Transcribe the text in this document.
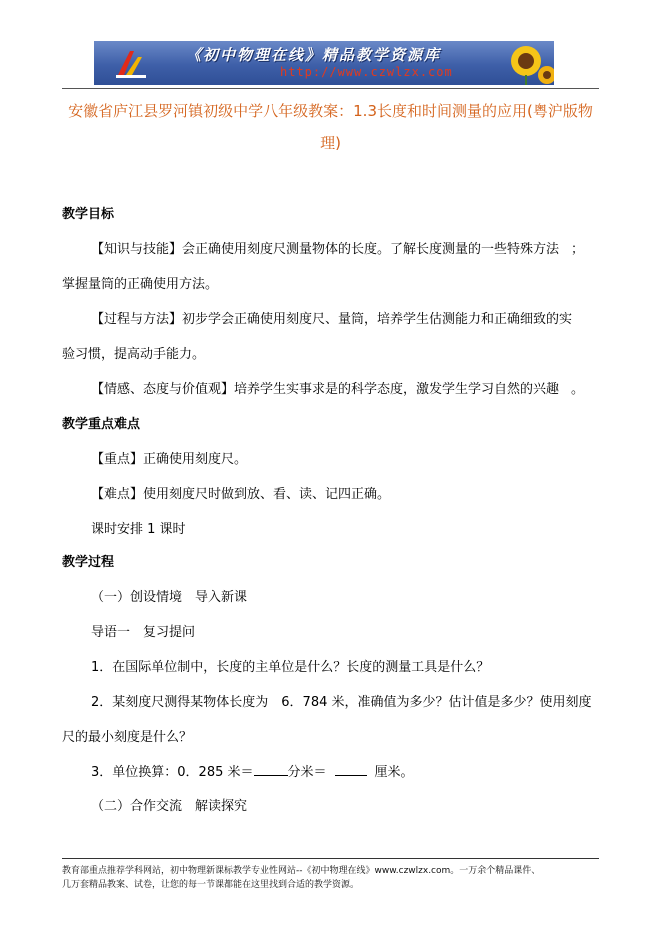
《初中物理在线》精品教学资源库
http://www.czwlzx.com
安徽省庐江县罗河镇初级中学八年级教案：1.3长度和时间测量的应用(粤沪版物理)
教学目标
【知识与技能】会正确使用刻度尺测量物体的长度。了解长度测量的一些特殊方法 ；
掌握量筒的正确使用方法。
【过程与方法】初步学会正确使用刻度尺、量筒，培养学生估测能力和正确细致的实
验习惯，提高动手能力。
【情感、态度与价值观】培养学生实事求是的科学态度，激发学生学习自然的兴趣 。
教学重点难点
【重点】正确使用刻度尺。
【难点】使用刻度尺时做到放、看、读、记四正确。
课时安排 1 课时
教学过程
（一）创设情境　导入新课
导语一　复习提问
1．在国际单位制中，长度的主单位是什么？长度的测量工具是什么？
2．某刻度尺测得某物体长度为　6．784 米，准确值为多少？估计值是多少？使用刻度
尺的最小刻度是什么？
3．单位换算：0．285 米＝	分米＝	厘米。
（二）合作交流　解读探究
教育部重点推荐学科网站，初中物理新课标教学专业性网站--《初中物理在线》www.czwlzx.com。一万余个精品课件、
几万套精品教案、试卷，让您的每一节课都能在这里找到合适的教学资源。
